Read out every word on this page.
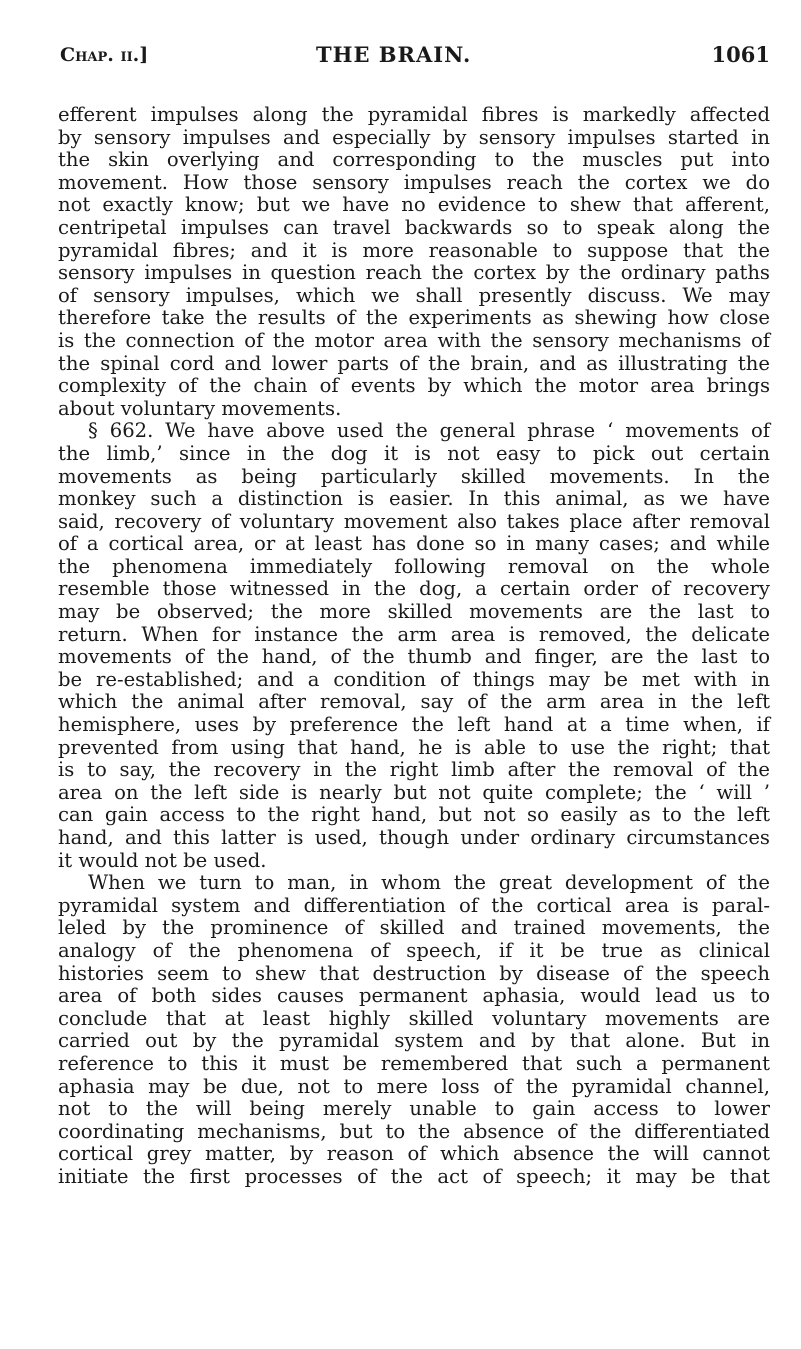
Chap. ii.]	THE BRAIN.	1061
efferent impulses along the pyramidal fibres is markedly affected
by sensory impulses and especially by sensory impulses started in
the skin overlying and corresponding to the muscles put into
movement. How those sensory impulses reach the cortex we do
not exactly know; but we have no evidence to shew that afferent,
centripetal impulses can travel backwards so to speak along the
pyramidal fibres; and it is more reasonable to suppose that the
sensory impulses in question reach the cortex by the ordinary paths
of sensory impulses, which we shall presently discuss. We may
therefore take the results of the experiments as shewing how close
is the connection of the motor area with the sensory mechanisms of
the spinal cord and lower parts of the brain, and as illustrating the
complexity of the chain of events by which the motor area brings
about voluntary movements.
§ 662. We have above used the general phrase ‘ movements of
the limb,’ since in the dog it is not easy to pick out certain
movements as being particularly skilled movements. In the
monkey such a distinction is easier. In this animal, as we have
said, recovery of voluntary movement also takes place after removal
of a cortical area, or at least has done so in many cases; and while
the phenomena immediately following removal on the whole
resemble those witnessed in the dog, a certain order of recovery
may be observed; the more skilled movements are the last to
return. When for instance the arm area is removed, the delicate
movements of the hand, of the thumb and finger, are the last to
be re-established; and a condition of things may be met with in
which the animal after removal, say of the arm area in the left
hemisphere, uses by preference the left hand at a time when, if
prevented from using that hand, he is able to use the right; that
is to say, the recovery in the right limb after the removal of the
area on the left side is nearly but not quite complete; the ‘ will ’
can gain access to the right hand, but not so easily as to the left
hand, and this latter is used, though under ordinary circumstances
it would not be used.
When we turn to man, in whom the great development of the
pyramidal system and differentiation of the cortical area is paral-
leled by the prominence of skilled and trained movements, the
analogy of the phenomena of speech, if it be true as clinical
histories seem to shew that destruction by disease of the speech
area of both sides causes permanent aphasia, would lead us to
conclude that at least highly skilled voluntary movements are
carried out by the pyramidal system and by that alone. But in
reference to this it must be remembered that such a permanent
aphasia may be due, not to mere loss of the pyramidal channel,
not to the will being merely unable to gain access to lower
coordinating mechanisms, but to the absence of the differentiated
cortical grey matter, by reason of which absence the will cannot
initiate the first processes of the act of speech; it may be that
